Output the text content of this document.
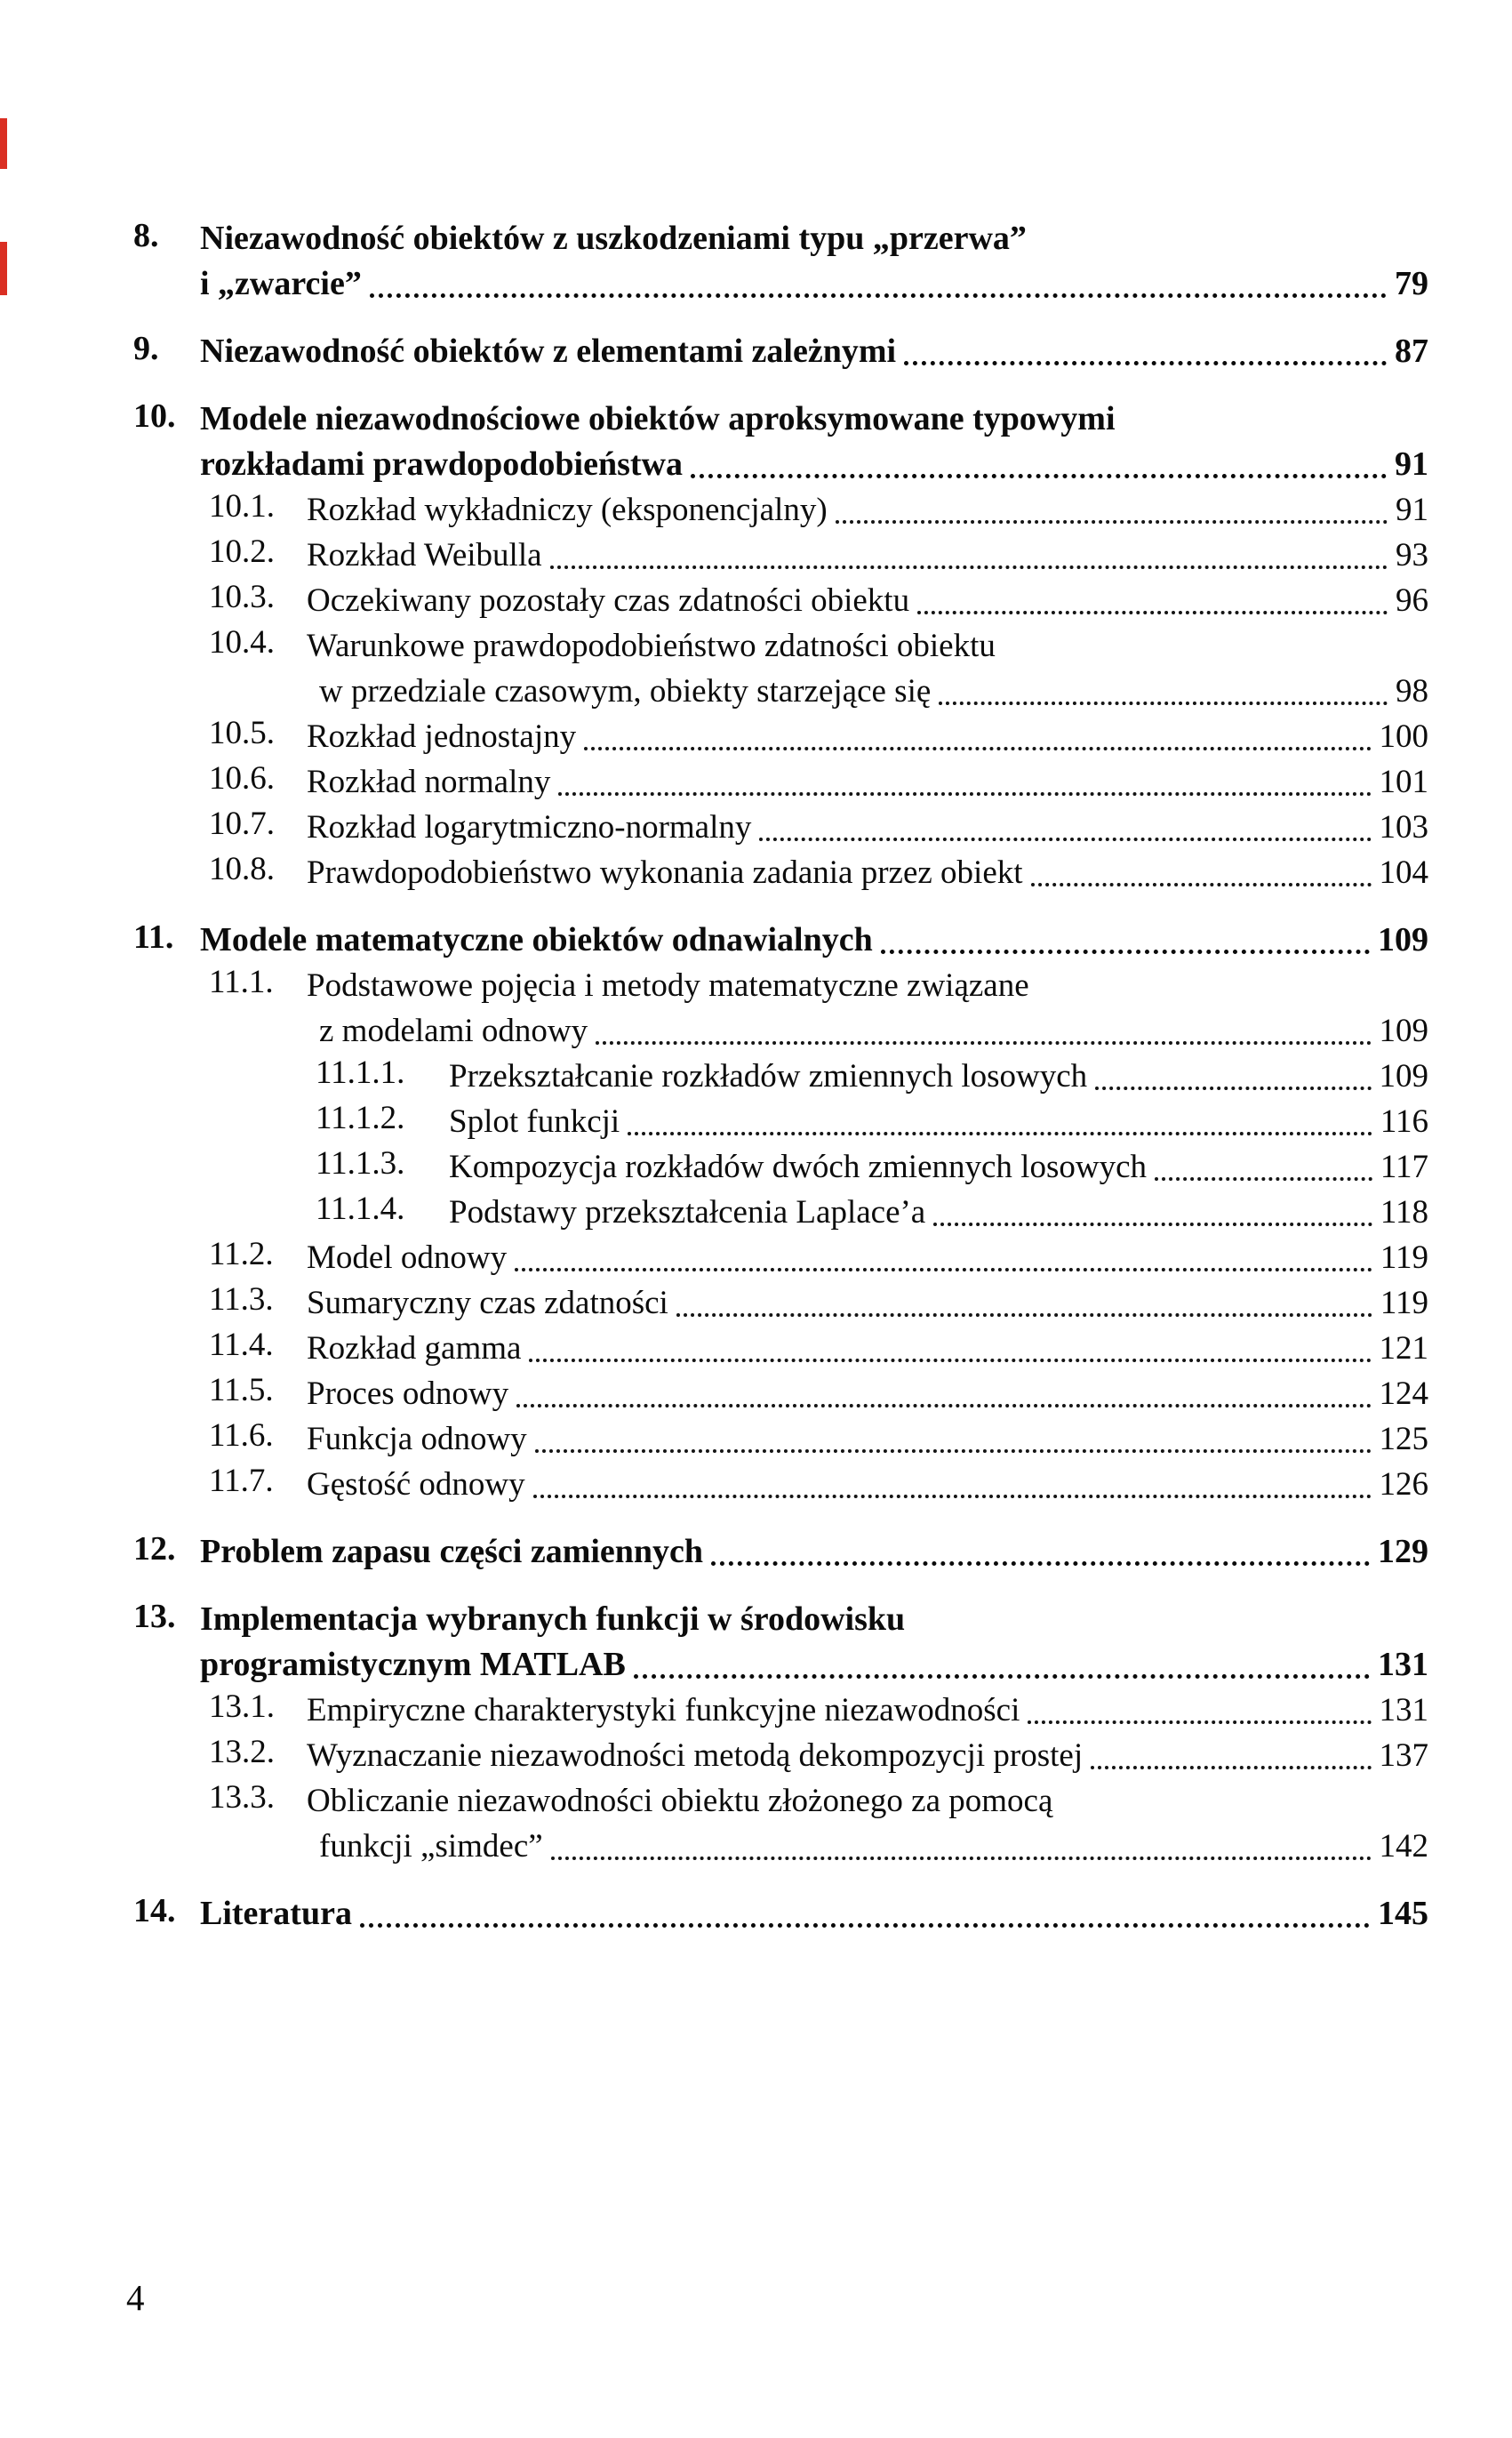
8.	Niezawodność obiektów z uszkodzeniami typu „przerwa”
i „zwarcie”	79
9.	Niezawodność obiektów z elementami zależnymi	87
10. Modele niezawodnościowe obiektów aproksymowane typowymi
rozkładami prawdopodobieństwa	91
10.1. Rozkład wykładniczy (eksponencjalny)	91
10.2. Rozkład Weibulla	93
10.3. Oczekiwany pozostały czas zdatności obiektu	96
10.4. Warunkowe prawdopodobieństwo zdatności obiektu
w przedziale czasowym, obiekty starzejące się	98
10.5. Rozkład jednostajny	100
10.6. Rozkład normalny	101
10.7. Rozkład logarytmiczno-normalny	103
10.8. Prawdopodobieństwo wykonania zadania przez obiekt	104
11. Modele matematyczne obiektów odnawialnych	109
11.1.	Podstawowe pojęcia i metody matematyczne związane
z modelami odnowy	109
11.1.1.	Przekształcanie rozkładów zmiennych losowych	109
11.1.2.	Splot funkcji	116
11.1.3.	Kompozycja rozkładów dwóch zmiennych losowych	117
11.1.4.	Podstawy przekształcenia Laplace’a	118
11.2.	Model odnowy	119
11.3.	Sumaryczny czas zdatności	119
11.4.	Rozkład gamma	121
11.5.	Proces odnowy	124
11.6.	Funkcja odnowy	125
11.7.	Gęstość odnowy	126
12. Problem zapasu części zamiennych	129
13. Implementacja wybranych funkcji w środowisku
programistycznym MATLAB	131
13.1. Empiryczne charakterystyki funkcyjne niezawodności	131
13.2. Wyznaczanie niezawodności metodą dekompozycji prostej	137
13.3. Obliczanie niezawodności obiektu złożonego za pomocą
funkcji „simdec”	142
14. Literatura	145
4
